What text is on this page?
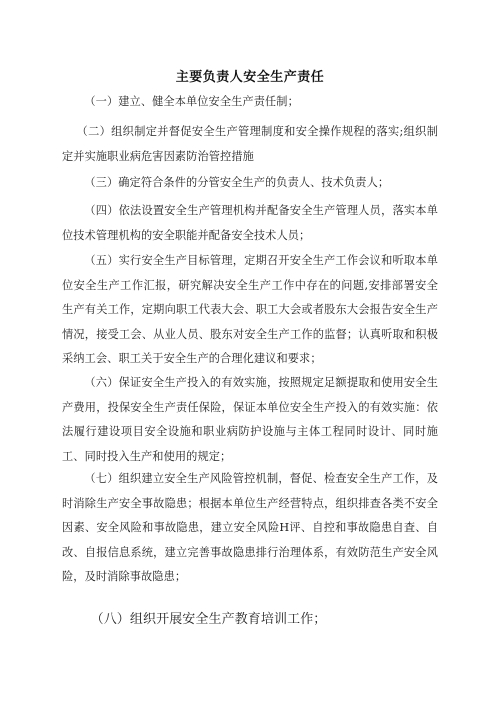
主要负责人安全生产责任
（一）建立、健全本单位安全生产责任制；
（二）组织制定并督促安全生产管理制度和安全操作规程的落实;组织制定并实施职业病危害因素防治管控措施
（三）确定符合条件的分管安全生产的负责人、技术负责人；
（四）依法设置安全生产管理机构并配备安全生产管理人员，落实本单位技术管理机构的安全职能并配备安全技术人员；
（五）实行安全生产目标管理，定期召开安全生产工作会议和听取本单位安全生产工作汇报，研究解决安全生产工作中存在的问题,安排部署安全生产有关工作，定期向职工代表大会、职工大会或者股东大会报告安全生产情况，接受工会、从业人员、股东对安全生产工作的监督；认真听取和积极采纳工会、职工关于安全生产的合理化建议和要求；
（六）保证安全生产投入的有效实施，按照规定足额提取和使用安全生产费用，投保安全生产责任保险，保证本单位安全生产投入的有效实施：依法履行建设项目安全设施和职业病防护设施与主体工程同时设计、同时施工、同时投入生产和使用的规定；
（七）组织建立安全生产风险管控机制，督促、检查安全生产工作，及时消除生产安全事故隐患；根据本单位生产经营特点，组织排查各类不安全因素、安全风险和事故隐患，建立安全风险H评、自控和事故隐患自査、自改、自报信息系统，建立完善事故隐患排行治理体系，有效防范生产安全风险，及时消除事故隐患；
（八）组织开展安全生产教育培训工作；
